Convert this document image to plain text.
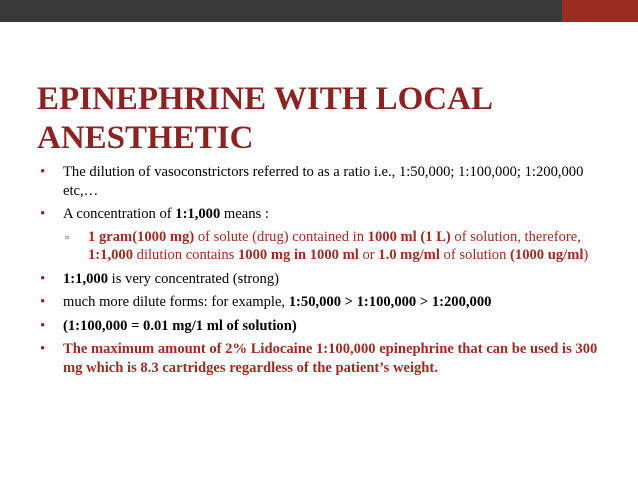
EPINEPHRINE WITH LOCAL ANESTHETIC
• The dilution of vasoconstrictors referred to as a ratio i.e., 1:50,000; 1:100,000; 1:200,000 etc,…
• A concentration of 1:1,000 means :
▫ 1 gram(1000 mg) of solute (drug) contained in 1000 ml (1 L) of solution, therefore, 1:1,000 dilution contains 1000 mg in 1000 ml or 1.0 mg/ml of solution (1000 ug/ml)
• 1:1,000 is very concentrated (strong)
• much more dilute forms: for example, 1:50,000 > 1:100,000 > 1:200,000
• (1:100,000 = 0.01 mg/1 ml of solution)
• The maximum amount of 2% Lidocaine 1:100,000 epinephrine that can be used is 300 mg which is 8.3 cartridges regardless of the patient’s weight.
